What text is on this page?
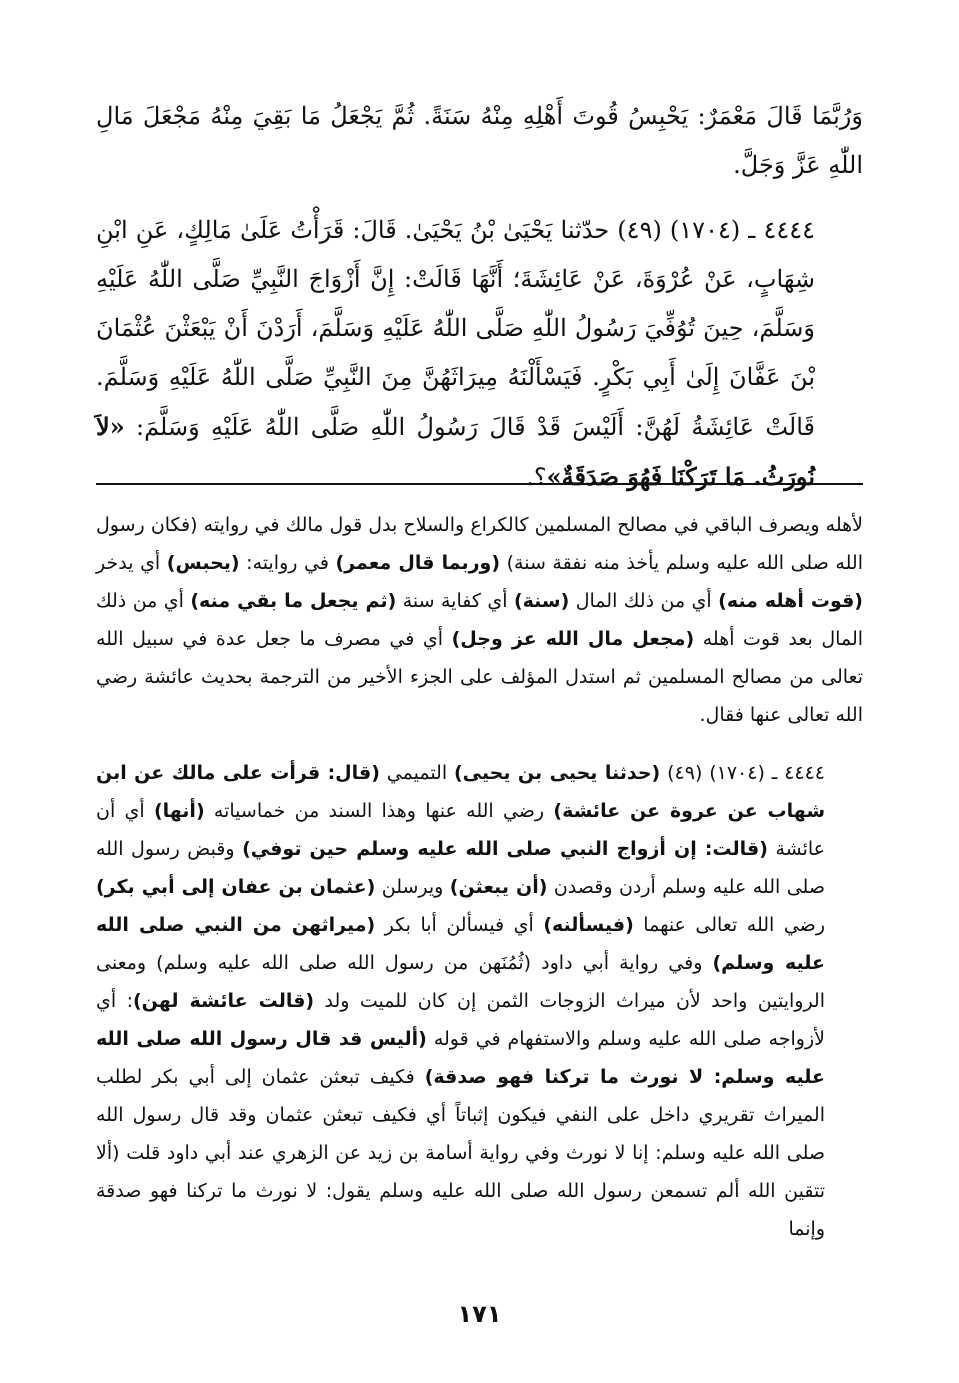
وَرُبَّمَا قَالَ مَعْمَرٌ: يَحْبِسُ قُوتَ أَهْلِهِ مِنْهُ سَنَةً. ثُمَّ يَجْعَلُ مَا بَقِيَ مِنْهُ مَجْعَلَ مَالِ اللّٰهِ عَزَّ وَجَلَّ.

٤٤٤٤ ـ (١٧٠٤) (٤٩) حدّثنا يَحْيَىٰ بْنُ يَحْيَىٰ. قَالَ: قَرَأْتُ عَلَىٰ مَالِكٍ، عَنِ ابْنِ شِهَابٍ، عَنْ عُرْوَةَ، عَنْ عَائِشَةَ؛ أَنَّهَا قَالَتْ: إِنَّ أَزْوَاجَ النَّبِيِّ صَلَّى اللّٰهُ عَلَيْهِ وَسَلَّمَ، حِينَ تُوُفِّيَ رَسُولُ اللّٰهِ صَلَّى اللّٰهُ عَلَيْهِ وَسَلَّمَ، أَرَدْنَ أَنْ يَبْعَثْنَ عُثْمَانَ بْنَ عَفَّانَ إِلَىٰ أَبِي بَكْرٍ. فَيَسْأَلْنَهُ مِيرَاثَهُنَّ مِنَ النَّبِيِّ صَلَّى اللّٰهُ عَلَيْهِ وَسَلَّمَ. قَالَتْ عَائِشَةُ لَهُنَّ: أَلَيْسَ قَدْ قَالَ رَسُولُ اللّٰهِ صَلَّى اللّٰهُ عَلَيْهِ وَسَلَّمَ: «لاَ نُورَثُ. مَا تَرَكْنَا فَهُوَ صَدَقَةٌ»؟.

لأهله ويصرف الباقي في مصالح المسلمين كالكراع والسلاح بدل قول مالك في روايته (فكان رسول الله صلى الله عليه وسلم يأخذ منه نفقة سنة) (وربما قال معمر) في روايته: (يحبس) أي يدخر (قوت أهله منه) أي من ذلك المال (سنة) أي كفاية سنة (ثم يجعل ما بقي منه) أي من ذلك المال بعد قوت أهله (مجعل مال الله عز وجل) أي في مصرف ما جعل عدة في سبيل الله تعالى من مصالح المسلمين ثم استدل المؤلف على الجزء الأخير من الترجمة بحديث عائشة رضي الله تعالى عنها فقال.

٤٤٤٤ ـ (١٧٠٤) (٤٩) (حدثنا يحيى بن يحيى) التميمي (قال: قرأت على مالك عن ابن شهاب عن عروة عن عائشة) رضي الله عنها وهذا السند من خماسياته (أنها) أي أن عائشة (قالت: إن أزواج النبي صلى الله عليه وسلم حين توفي) وقبض رسول الله صلى الله عليه وسلم أردن وقصدن (أن يبعثن) ويرسلن (عثمان بن عفان إلى أبي بكر) رضي الله تعالى عنهما (فيسألنه) أي فيسألن أبا بكر (ميراثهن من النبي صلى الله عليه وسلم) وفي رواية أبي داود (ثُمُنَهن من رسول الله صلى الله عليه وسلم) ومعنى الروايتين واحد لأن ميراث الزوجات الثمن إن كان للميت ولد (قالت عائشة لهن): أي لأزواجه صلى الله عليه وسلم والاستفهام في قوله (أليس قد قال رسول الله صلى الله عليه وسلم: لا نورث ما تركنا فهو صدقة) فكيف تبعثن عثمان إلى أبي بكر لطلب الميراث تقريري داخل على النفي فيكون إثباتاً أي فكيف تبعثن عثمان وقد قال رسول الله صلى الله عليه وسلم: إنا لا نورث وفي رواية أسامة بن زيد عن الزهري عند أبي داود قلت (ألا تتقين الله ألم تسمعن رسول الله صلى الله عليه وسلم يقول: لا نورث ما تركنا فهو صدقة وإنما

١٧١
